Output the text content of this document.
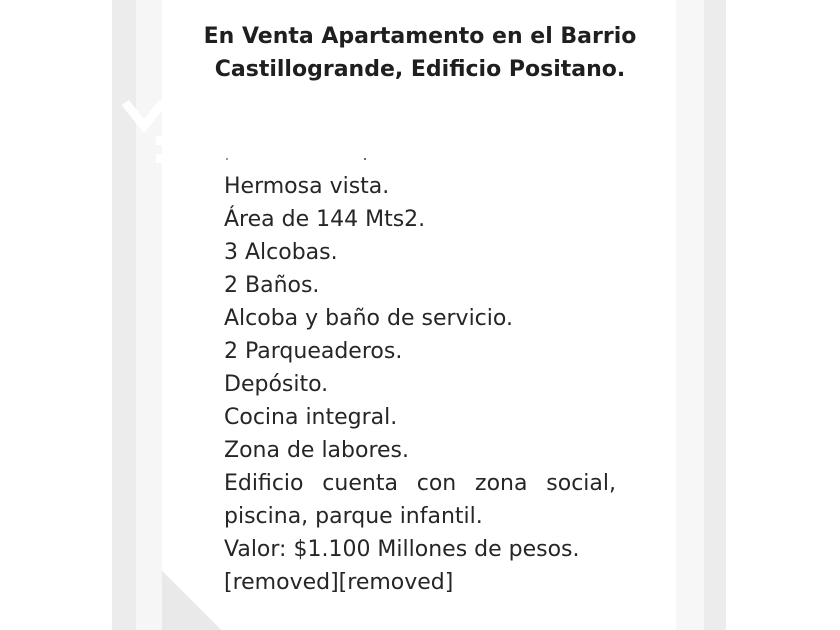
En Venta Apartamento en el Barrio Castillogrande, Edificio Positano.
Hermosa vista.
Área de 144 Mts2.
3 Alcobas.
2 Baños.
Alcoba y baño de servicio.
2 Parqueaderos.
Depósito.
Cocina integral.
Zona de labores.
Edificio cuenta con zona social, piscina, parque infantil.
Valor: $1.100 Millones de pesos.
[removed][removed]
